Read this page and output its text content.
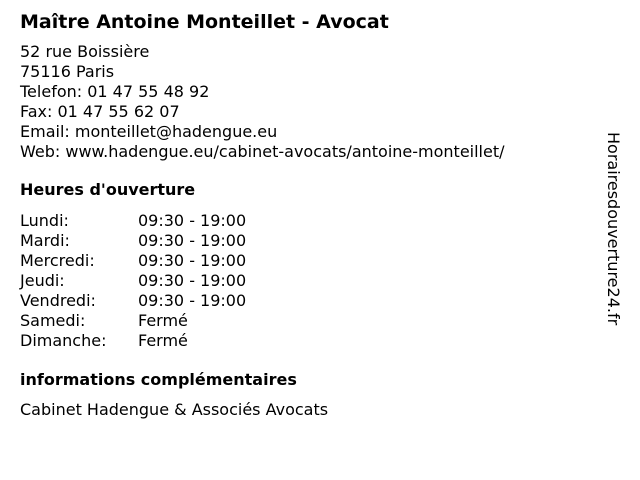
Maître Antoine Monteillet - Avocat
52 rue Boissière
75116 Paris
Telefon: 01 47 55 48 92
Fax: 01 47 55 62 07
Email: monteillet@hadengue.eu
Web: www.hadengue.eu/cabinet-avocats/antoine-monteillet/
Heures d'ouverture
Lundi:	09:30 - 19:00
Mardi:	09:30 - 19:00
Mercredi:	09:30 - 19:00
Jeudi:	09:30 - 19:00
Vendredi:	09:30 - 19:00
Samedi:	Fermé
Dimanche:	Fermé
informations complémentaires
Cabinet Hadengue & Associés Avocats
Horairesdouverture24.fr
